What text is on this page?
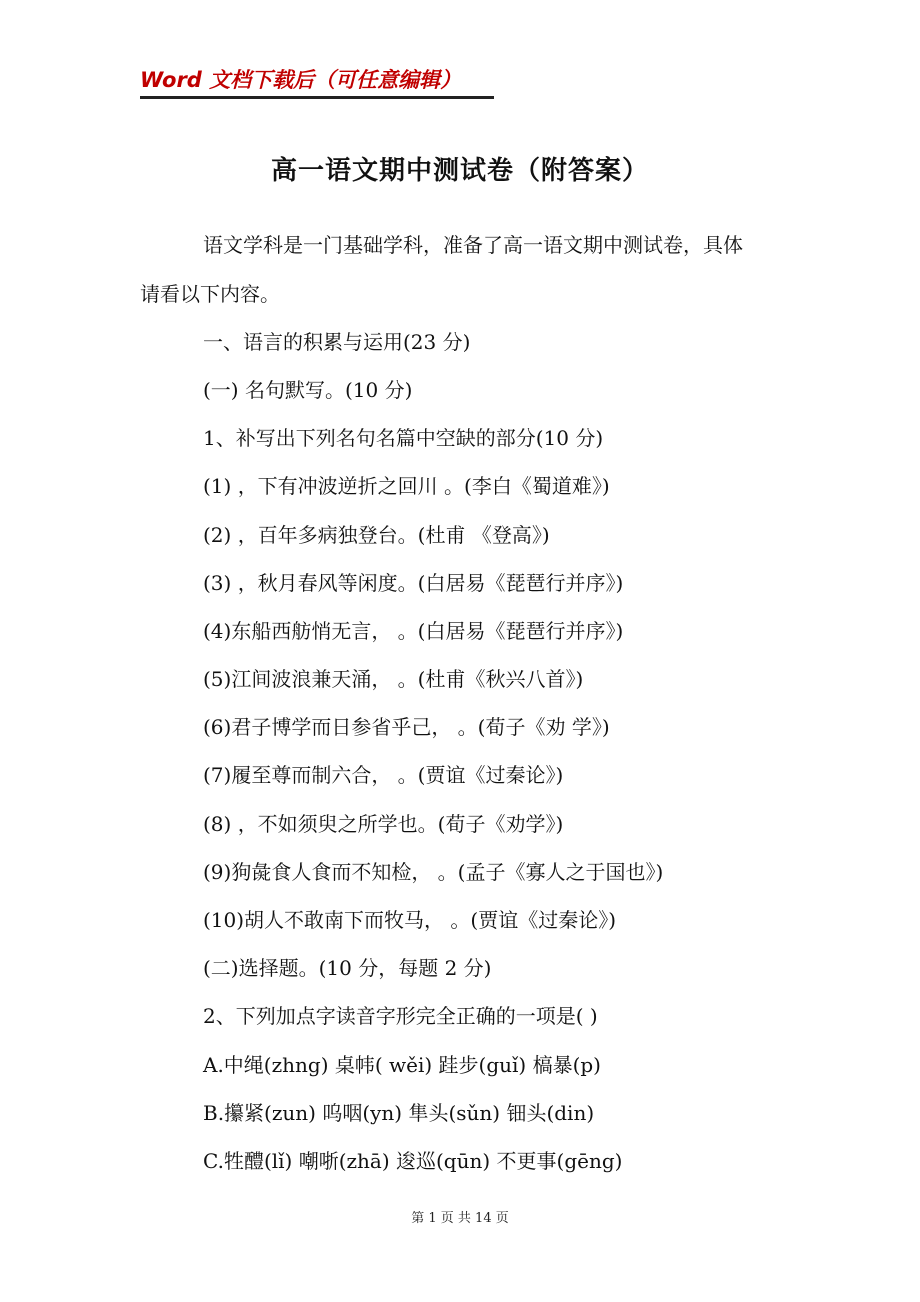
Word 文档下载后（可任意编辑）
高一语文期中测试卷（附答案）
语文学科是一门基础学科，准备了高一语文期中测试卷，具体
请看以下内容。
一、语言的积累与运用(23 分)
(一) 名句默写。(10 分)
1、补写出下列名句名篇中空缺的部分(10 分)
(1) ，下有冲波逆折之回川 。(李白《蜀道难》)
(2) ，百年多病独登台。(杜甫 《登高》)
(3) ，秋月春风等闲度。(白居易《琵琶行并序》)
(4)东船西舫悄无言， 。(白居易《琵琶行并序》)
(5)江间波浪兼天涌， 。(杜甫《秋兴八首》)
(6)君子博学而日参省乎己， 。(荀子《劝 学》)
(7)履至尊而制六合， 。(贾谊《过秦论》)
(8) ，不如须臾之所学也。(荀子《劝学》)
(9)狗彘食人食而不知检， 。(孟子《寡人之于国也》)
(10)胡人不敢南下而牧马， 。(贾谊《过秦论》)
(二)选择题。(10 分，每题 2 分)
2、下列加点字读音字形完全正确的一项是( )
A.中绳(zhng) 桌帏( wěi) 跬步(guǐ) 槁暴(p)
B.攥紧(zun) 呜咽(yn) 隼头(sǔn) 钿头(din)
C.牲醴(lǐ) 嘲哳(zhā) 逡巡(qūn) 不更事(gēng)
第 1 页 共 14 页
